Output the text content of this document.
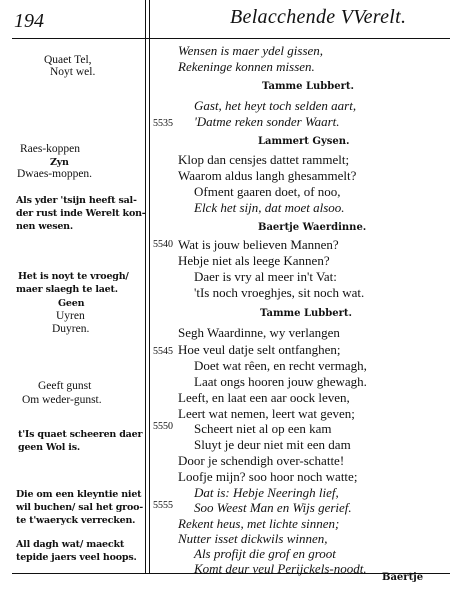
194	Belacchende VVerelt.
Quaet Tel,
Noyt wel.
Raes-koppen
Zyn
Dwaes-moppen.
Als yder 'tsijn heeft sal-
der rust inde Werelt kon-
nen wesen.
Het is noyt te vroegh/
maer slaegh te laet.
Geen
Uyren
Duyren.
Geeft gunst
Om weder-gunst.
t'Is quaet scheeren daer
geen Wol is.
Die om een kleyntie niet
wil buchen/ sal het groo-
te t'waeryck verrecken.
All dagh wat/ maeckt
tepide jaers veel hoops.
5535
5540
5545
5550
5555
Wensen is maer ydel gissen,
Rekeninge konnen missen.
Tamme Lubbert.
Gast, het heyt toch selden aart,
'Datme reken sonder Waart.
Lammert Gysen.
Klop dan censjes dattet rammelt;
Waarom aldus langh ghesammelt?
Ofment gaaren doet, of noo,
Elck het sijn, dat moet alsoo.
Baertje Waerdinne.
Wat is jouw believen Mannen?
Hebje niet als leege Kannen?
Daer is vry al meer in't Vat:
'tIs noch vroeghjes, sit noch wat.
Tamme Lubbert.
Segh Waardinne, wy verlangen
Hoe veul datje selt ontfanghen;
Doet wat rêen, en recht vermagh,
Laat ongs hooren jouw ghewagh.
Leeft, en laat een aar oock leven,
Leert wat nemen, leert wat geven;
Scheert niet al op een kam
Sluyt je deur niet mit een dam
Door je schendigh over-schatte!
Loofje mijn? soo hoor noch watte;
Dat is: Hebje Neeringh lief,
Soo Weest Man en Wijs gerief.
Rekent heus, met lichte sinnen;
Nutter isset dickwils winnen,
Als profijt die grof en groot
Komt deur veul Perijckels-noodt.
Baertje
